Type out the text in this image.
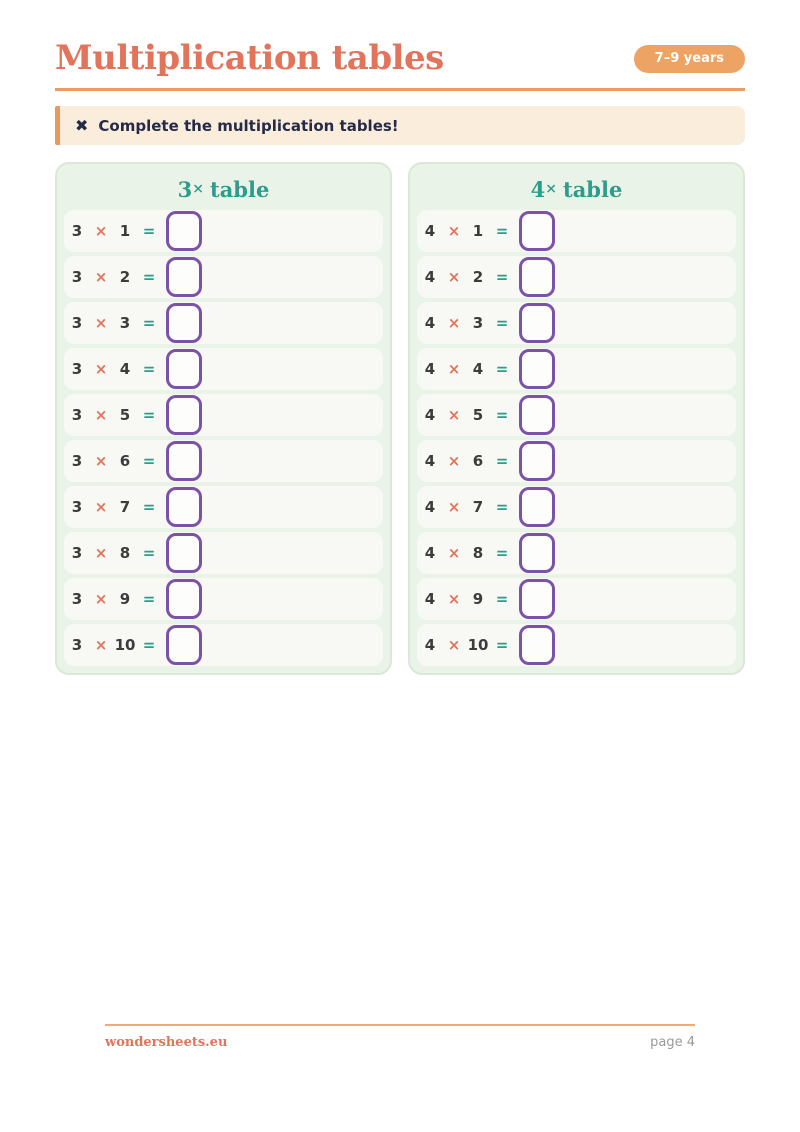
Multiplication tables	7–9 years
✖ Complete the multiplication tables!
3× table
3 × 1 =
3 × 2 =
3 × 3 =
3 × 4 =
3 × 5 =
3 × 6 =
3 × 7 =
3 × 8 =
3 × 9 =
3 × 10 =
4× table
4 × 1 =
4 × 2 =
4 × 3 =
4 × 4 =
4 × 5 =
4 × 6 =
4 × 7 =
4 × 8 =
4 × 9 =
4 × 10 =
wondersheets.eu	page 4
